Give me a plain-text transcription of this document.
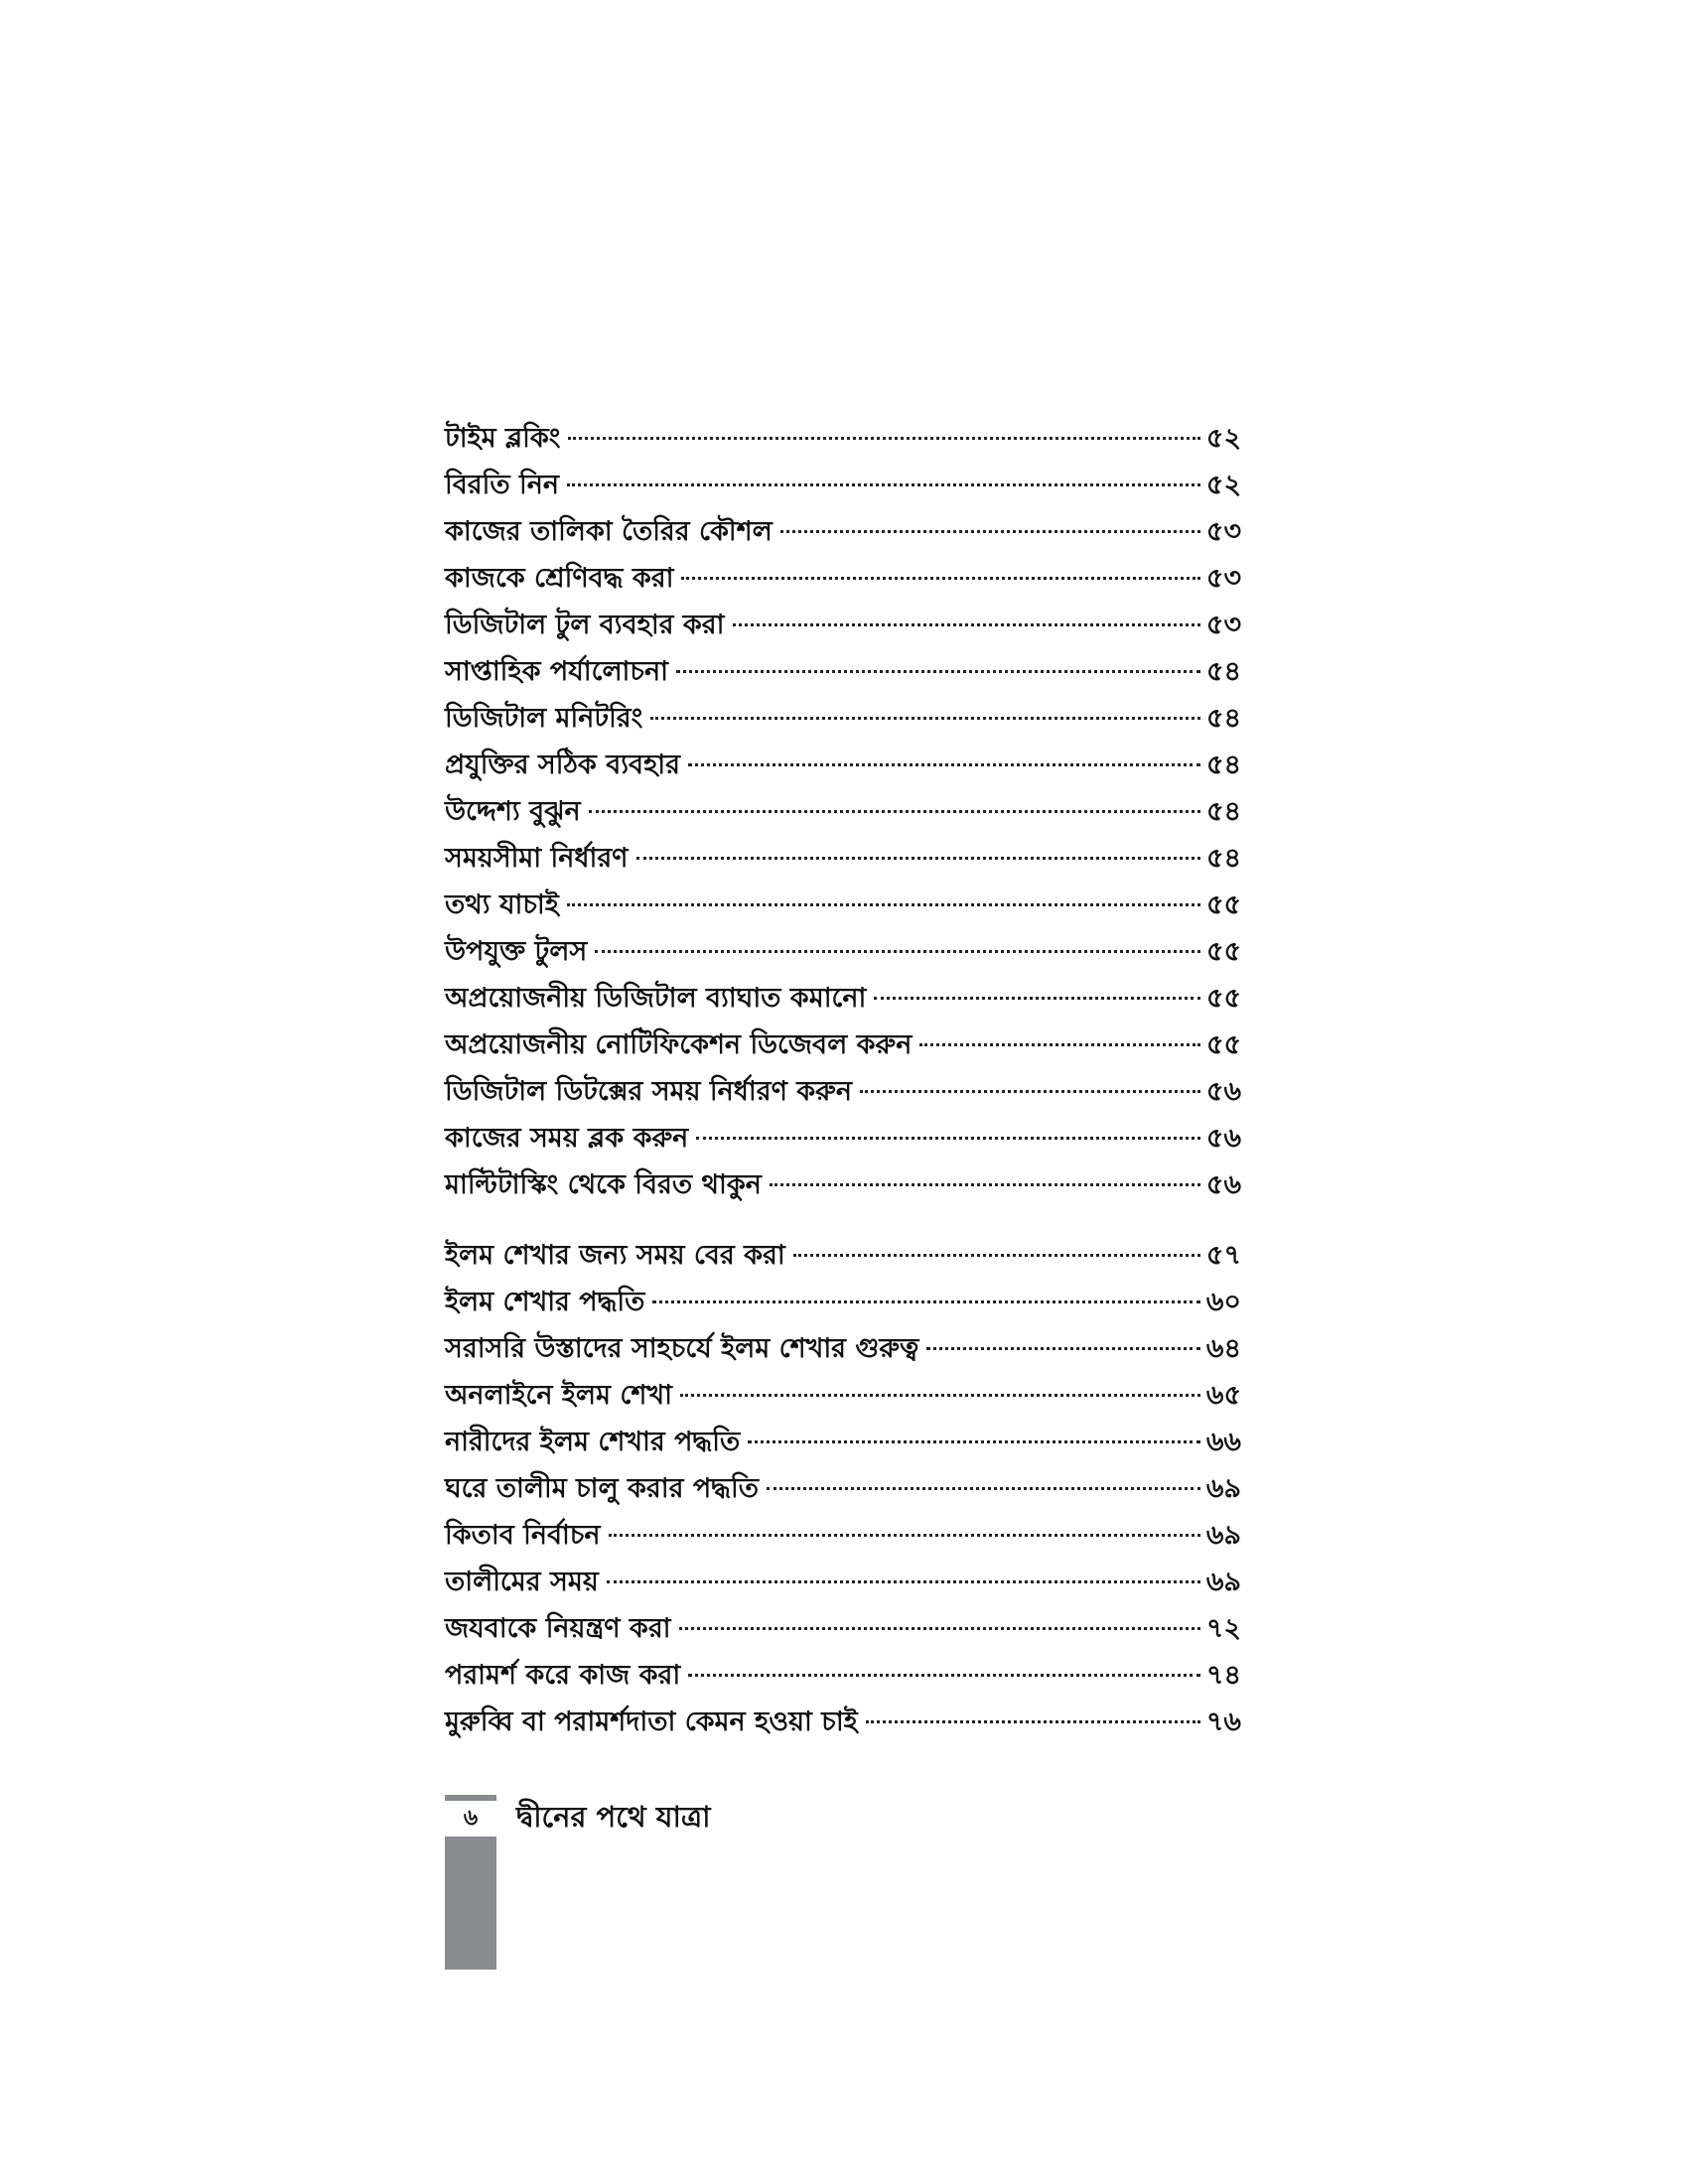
টাইম ব্লকিং	৫২
বিরতি নিন	৫২
কাজের তালিকা তৈরির কৌশল	৫৩
কাজকে শ্রেণিবদ্ধ করা	৫৩
ডিজিটাল টুল ব্যবহার করা	৫৩
সাপ্তাহিক পর্যালোচনা	৫৪
ডিজিটাল মনিটরিং	৫৪
প্রযুক্তির সঠিক ব্যবহার	৫৪
উদ্দেশ্য বুঝুন	৫৪
সময়সীমা নির্ধারণ	৫৪
তথ্য যাচাই	৫৫
উপযুক্ত টুলস	৫৫
অপ্রয়োজনীয় ডিজিটাল ব্যাঘাত কমানো	৫৫
অপ্রয়োজনীয় নোটিফিকেশন ডিজেবল করুন	৫৫
ডিজিটাল ডিটক্সের সময় নির্ধারণ করুন	৫৬
কাজের সময় ব্লক করুন	৫৬
মাল্টিটাস্কিং থেকে বিরত থাকুন	৫৬
ইলম শেখার জন্য সময় বের করা	৫৭
ইলম শেখার পদ্ধতি	৬০
সরাসরি উস্তাদের সাহচর্যে ইলম শেখার গুরুত্ব	৬৪
অনলাইনে ইলম শেখা	৬৫
নারীদের ইলম শেখার পদ্ধতি	৬৬
ঘরে তালীম চালু করার পদ্ধতি	৬৯
কিতাব নির্বাচন	৬৯
তালীমের সময়	৬৯
জযবাকে নিয়ন্ত্রণ করা	৭২
পরামর্শ করে কাজ করা	৭৪
মুরুব্বি বা পরামর্শদাতা কেমন হওয়া চাই	৭৬
৬	দ্বীনের পথে যাত্রা
